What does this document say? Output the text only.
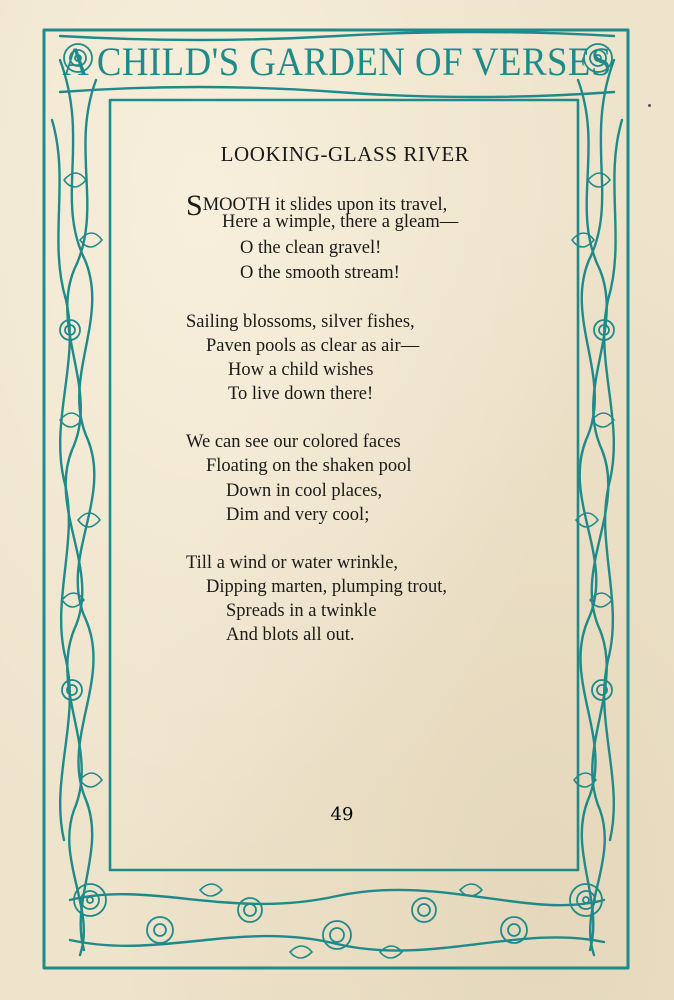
A CHILD'S GARDEN OF VERSES
LOOKING-GLASS RIVER
SMOOTH it slides upon its travel,
Here a wimple, there a gleam—
O the clean gravel!
O the smooth stream!
Sailing blossoms, silver fishes,
Paven pools as clear as air—
How a child wishes
To live down there!
We can see our colored faces
Floating on the shaken pool
Down in cool places,
Dim and very cool;
Till a wind or water wrinkle,
Dipping marten, plumping trout,
Spreads in a twinkle
And blots all out.
49
